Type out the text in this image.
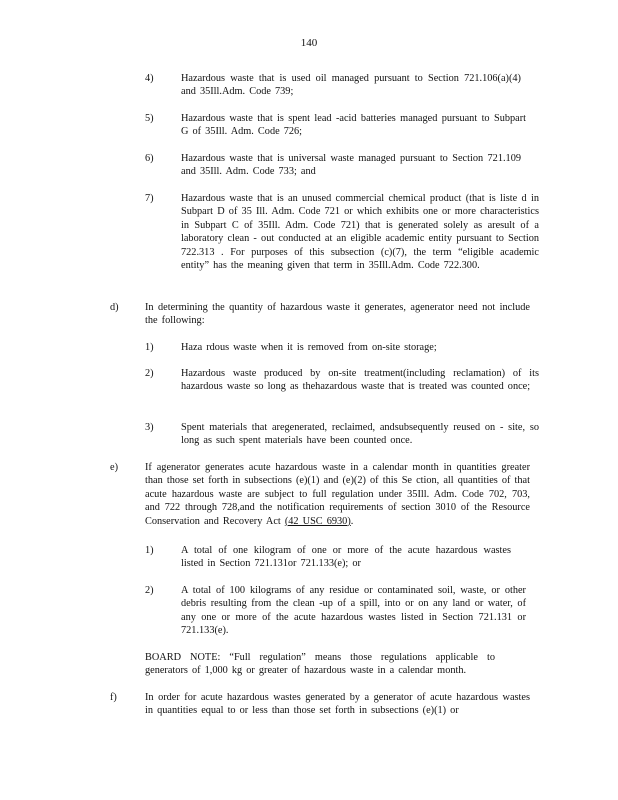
140
4)	Hazardous waste that is used oil managed pursuant to Section 721.106(a)(4) and 35Ill.Adm. Code 739;
5)	Hazardous waste that is spent lead -acid batteries managed pursuant to Subpart G of 35Ill. Adm. Code 726;
6)	Hazardous waste that is universal waste managed pursuant to Section 721.109 and 35Ill. Adm. Code 733; and
7)	Hazardous waste that is an unused commercial chemical product (that is liste d in Subpart D of 35 Ill. Adm. Code 721 or which exhibits one or more characteristics in Subpart C of 35Ill. Adm. Code 721) that is generated solely as aresult of a laboratory clean - out conducted at an eligible academic entity pursuant to Section 722.313 . For purposes of this subsection (c)(7), the term “eligible academic entity” has the meaning given that term in 35Ill.Adm. Code 722.300.
d)	In determining the quantity of hazardous waste it generates, agenerator need not include the following:
1)	Haza rdous waste when it is removed from on-site storage;
2)	Hazardous waste produced by on-site treatment(including reclamation) of its hazardous waste so long as thehazardous waste that is treated was counted once;
3)	Spent materials that aregenerated, reclaimed, andsubsequently reused on - site, so long as such spent materials have been counted once.
e)	If agenerator generates acute hazardous waste in a calendar month in quantities greater than those set forth in subsections (e)(1) and (e)(2) of this Se ction, all quantities of that acute hazardous waste are subject to full regulation under 35Ill. Adm. Code 702, 703, and 722 through 728,and the notification requirements of section 3010 of the Resource Conservation and Recovery Act (42 USC 6930).
1)	A total of one kilogram of one or more of the acute hazardous wastes listed in Section 721.131or 721.133(e); or
2)	A total of 100 kilograms of any residue or contaminated soil, waste, or other debris resulting from the clean -up of a spill, into or on any land or water, of any one or more of the acute hazardous wastes listed in Section 721.131 or 721.133(e).
BOARD NOTE: “Full regulation” means those regulations applicable to generators of 1,000 kg or greater of hazardous waste in a calendar month.
f)	In order for acute hazardous wastes generated by a generator of acute hazardous wastes in quantities equal to or less than those set forth in subsections (e)(1) or
